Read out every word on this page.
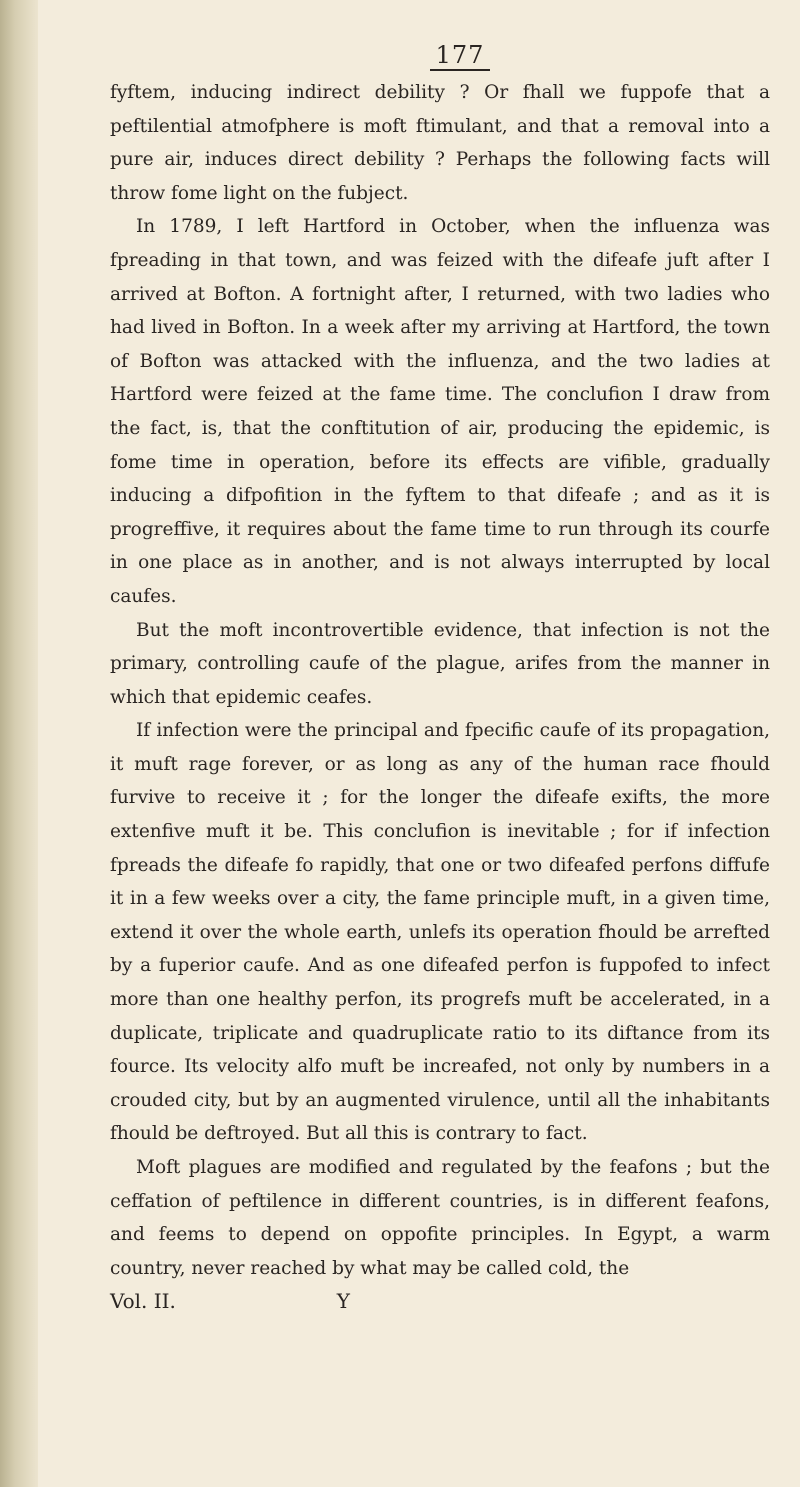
177

fyftem, inducing indirect debility ? Or fhall we fuppofe that a peftilential atmofphere is moft ftimulant, and that a removal into a pure air, induces direct debility ? Perhaps the following facts will throw fome light on the fubject.

In 1789, I left Hartford in October, when the influenza was fpreading in that town, and was feized with the difeafe juft after I arrived at Bofton. A fortnight after, I returned, with two ladies who had lived in Bofton. In a week after my arriving at Hartford, the town of Bofton was attacked with the influenza, and the two ladies at Hartford were feized at the fame time. The conclufion I draw from the fact, is, that the conftitution of air, producing the epidemic, is fome time in operation, before its effects are vifible, gradually inducing a difpofition in the fyftem to that difeafe ; and as it is progreffive, it requires about the fame time to run through its courfe in one place as in another, and is not always interrupted by local caufes.

But the moft incontrovertible evidence, that infection is not the primary, controlling caufe of the plague, arifes from the manner in which that epidemic ceafes.

If infection were the principal and fpecific caufe of its propagation, it muft rage forever, or as long as any of the human race fhould furvive to receive it ; for the longer the difeafe exifts, the more extenfive muft it be. This conclufion is inevitable ; for if infection fpreads the difeafe fo rapidly, that one or two difeafed perfons diffufe it in a few weeks over a city, the fame principle muft, in a given time, extend it over the whole earth, unlefs its operation fhould be arrefted by a fuperior caufe. And as one difeafed perfon is fuppofed to infect more than one healthy perfon, its progrefs muft be accelerated, in a duplicate, triplicate and quadruplicate ratio to its diftance from its fource. Its velocity alfo muft be increafed, not only by numbers in a crouded city, but by an augmented virulence, until all the inhabitants fhould be deftroyed. But all this is contrary to fact.

Moft plagues are modified and regulated by the feafons ; but the ceffation of peftilence in different countries, is in different feafons, and feems to depend on oppofite principles. In Egypt, a warm country, never reached by what may be called cold, the

Vol. II.	Y
